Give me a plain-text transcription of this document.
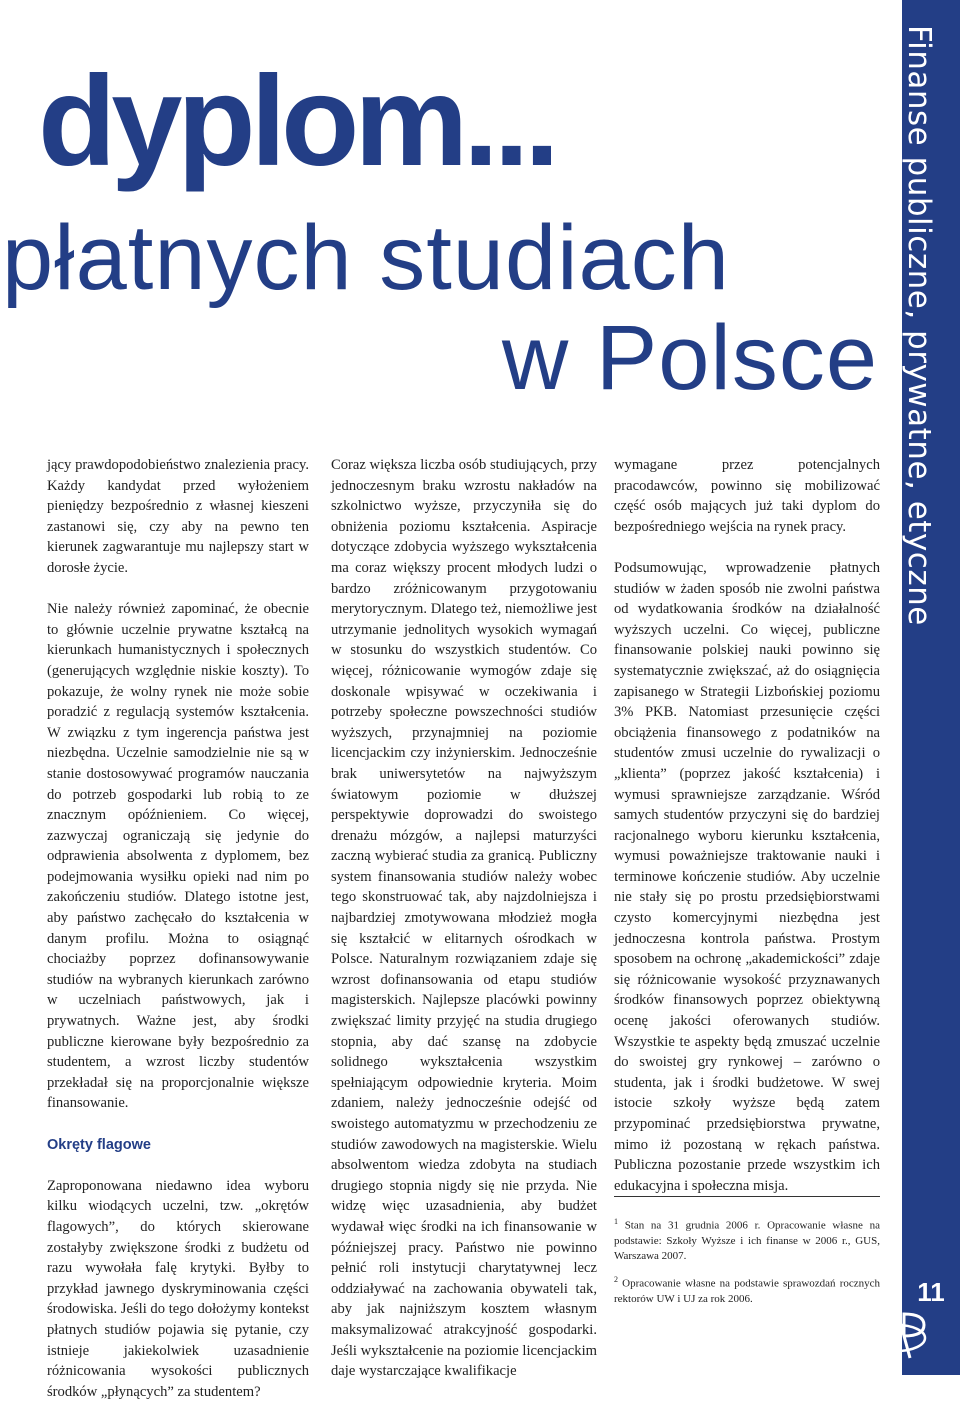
Finanse publiczne, prywatne, etyczne
11
dyplom...
płatnych studiach
w Polsce

jący prawdopodobieństwo znalezienia pracy. Każdy kandydat przed wyłożeniem pieniędzy bezpośrednio z własnej kieszeni zastanowi się, czy aby na pewno ten kierunek zagwarantuje mu najlepszy start w dorosłe życie.

Nie należy również zapominać, że obecnie to głównie uczelnie prywatne kształcą na kierunkach humanistycznych i społecznych (generujących względnie niskie koszty). To pokazuje, że wolny rynek nie może sobie poradzić z regulacją systemów kształcenia. W związku z tym ingerencja państwa jest niezbędna. Uczelnie samodzielnie nie są w stanie dostosowywać programów nauczania do potrzeb gospodarki lub robią to ze znacznym opóźnieniem. Co więcej, zazwyczaj ograniczają się jedynie do odprawienia absolwenta z dyplomem, bez podejmowania wysiłku opieki nad nim po zakończeniu studiów. Dlatego istotne jest, aby państwo zachęcało do kształcenia w danym profilu. Można to osiągnąć chociażby poprzez dofinansowywanie studiów na wybranych kierunkach zarówno w uczelniach państwowych, jak i prywatnych. Ważne jest, aby środki publiczne kierowane były bezpośrednio za studentem, a wzrost liczby studentów przekładał się na proporcjonalnie większe finansowanie.

Okręty flagowe

Zaproponowana niedawno idea wyboru kilku wiodących uczelni, tzw. „okrętów flagowych”, do których skierowane zostałyby zwiększone środki z budżetu od razu wywołała falę krytyki. Byłby to przykład jawnego dyskryminowania części środowiska. Jeśli do tego dołożymy kontekst płatnych studiów pojawia się pytanie, czy istnieje jakiekolwiek uzasadnienie różnicowania wysokości publicznych środków „płynących” za studentem?

Coraz większa liczba osób studiujących, przy jednoczesnym braku wzrostu nakładów na szkolnictwo wyższe, przyczyniła się do obniżenia poziomu kształcenia. Aspiracje dotyczące zdobycia wyższego wykształcenia ma coraz większy procent młodych ludzi o bardzo zróżnicowanym przygotowaniu merytorycznym. Dlatego też, niemożliwe jest utrzymanie jednolitych wysokich wymagań w stosunku do wszystkich studentów. Co więcej, różnicowanie wymogów zdaje się doskonale wpisywać w oczekiwania i potrzeby społeczne powszechności studiów wyższych, przynajmniej na poziomie licencjackim czy inżynierskim. Jednocześnie brak uniwersytetów na najwyższym światowym poziomie w dłuższej perspektywie doprowadzi do swoistego drenażu mózgów, a najlepsi maturzyści zaczną wybierać studia za granicą. Publiczny system finansowania studiów należy wobec tego skonstruować tak, aby najzdolniejsza i najbardziej zmotywowana młodzież mogła się kształcić w elitarnych ośrodkach w Polsce. Naturalnym rozwiązaniem zdaje się wzrost dofinansowania od etapu studiów magisterskich. Najlepsze placówki powinny zwiększać limity przyjęć na studia drugiego stopnia, aby dać szansę na zdobycie solidnego wykształcenia wszystkim spełniającym odpowiednie kryteria. Moim zdaniem, należy jednocześnie odejść od swoistego automatyzmu w przechodzeniu ze studiów zawodowych na magisterskie. Wielu absolwentom wiedza zdobyta na studiach drugiego stopnia nigdy się nie przyda. Nie widzę więc uzasadnienia, aby budżet wydawał więc środki na ich finansowanie w późniejszej pracy. Państwo nie powinno pełnić roli instytucji charytatywnej lecz oddziaływać na zachowania obywateli tak, aby jak najniższym kosztem własnym maksymalizować atrakcyjność gospodarki. Jeśli wykształcenie na poziomie licencjackim daje wystarczające kwalifikacje

wymagane przez potencjalnych pracodawców, powinno się mobilizować część osób mających już taki dyplom do bezpośredniego wejścia na rynek pracy.

Podsumowując, wprowadzenie płatnych studiów w żaden sposób nie zwolni państwa od wydatkowania środków na działalność wyższych uczelni. Co więcej, publiczne finansowanie polskiej nauki powinno się systematycznie zwiększać, aż do osiągnięcia zapisanego w Strategii Lizbońskiej poziomu 3% PKB. Natomiast przesunięcie części obciążenia finansowego z podatników na studentów zmusi uczelnie do rywalizacji o „klienta” (poprzez jakość kształcenia) i wymusi sprawniejsze zarządzanie. Wśród samych studentów przyczyni się do bardziej racjonalnego wyboru kierunku kształcenia, wymusi poważniejsze traktowanie nauki i terminowe kończenie studiów. Aby uczelnie nie stały się po prostu przedsiębiorstwami czysto komercyjnymi niezbędna jest jednoczesna kontrola państwa. Prostym sposobem na ochronę „akademickości” zdaje się różnicowanie wysokość przyznawanych środków finansowych poprzez obiektywną ocenę jakości oferowanych studiów. Wszystkie te aspekty będą zmuszać uczelnie do swoistej gry rynkowej – zarówno o studenta, jak i środki budżetowe. W swej istocie szkoły wyższe będą zatem przypominać przedsiębiorstwa prywatne, mimo iż pozostaną w rękach państwa. Publiczna pozostanie przede wszystkim ich edukacyjna i społeczna misja.

$^1$ Stan na 31 grudnia 2006 r. Opracowanie własne na podstawie: Szkoły Wyższe i ich finanse w 2006 r., GUS, Warszawa 2007.
$^2$ Opracowanie własne na podstawie sprawozdań rocznych rektorów UW i UJ za rok 2006.
